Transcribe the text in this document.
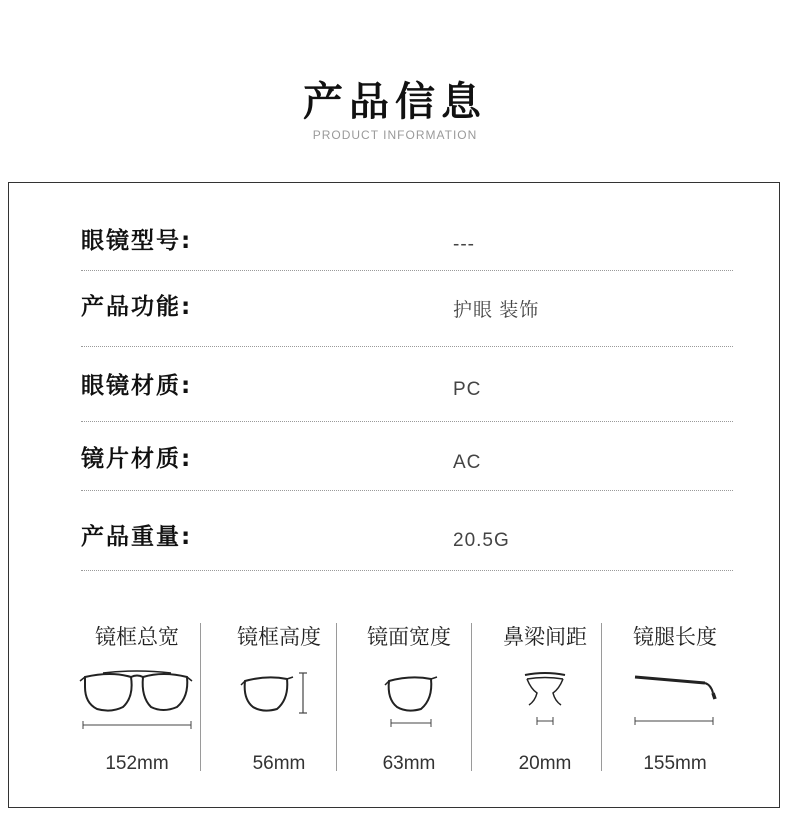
产品信息
PRODUCT INFORMATION
眼镜型号:	---
产品功能:	护眼 装饰
眼镜材质:	PC
镜片材质:	AC
产品重量:	20.5G
镜框总宽
152mm
镜框高度
56mm
镜面宽度
63mm
鼻梁间距
20mm
镜腿长度
155mm
